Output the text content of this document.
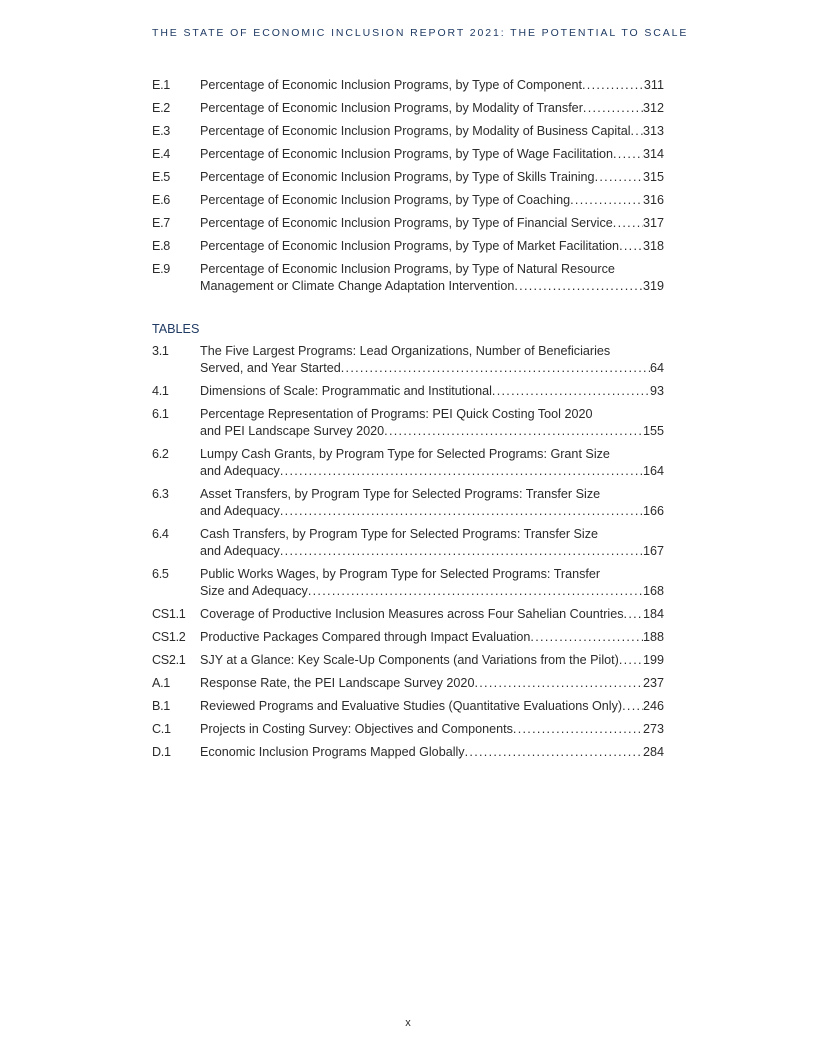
THE STATE OF ECONOMIC INCLUSION REPORT 2021: THE POTENTIAL TO SCALE
E.1	Percentage of Economic Inclusion Programs, by Type of Component . . .	311
E.2	Percentage of Economic Inclusion Programs, by Modality of Transfer . . .	312
E.3	Percentage of Economic Inclusion Programs, by Modality of Business Capital . . . 313
E.4	Percentage of Economic Inclusion Programs, by Type of Wage Facilitation . . . 314
E.5	Percentage of Economic Inclusion Programs, by Type of Skills Training . . .	315
E.6	Percentage of Economic Inclusion Programs, by Type of Coaching . . .	316
E.7	Percentage of Economic Inclusion Programs, by Type of Financial Service . . . 317
E.8	Percentage of Economic Inclusion Programs, by Type of Market Facilitation . . . 318
E.9	Percentage of Economic Inclusion Programs, by Type of Natural Resource
Management or Climate Change Adaptation Intervention . . .	319
TABLES
3.1	The Five Largest Programs: Lead Organizations, Number of Beneficiaries
Served, and Year Started . . .	64
4.1	Dimensions of Scale: Programmatic and Institutional . . .	93
6.1	Percentage Representation of Programs: PEI Quick Costing Tool 2020
and PEI Landscape Survey 2020 . . .	155
6.2	Lumpy Cash Grants, by Program Type for Selected Programs: Grant Size
and Adequacy . . .	164
6.3	Asset Transfers, by Program Type for Selected Programs: Transfer Size
and Adequacy . . .	166
6.4	Cash Transfers, by Program Type for Selected Programs: Transfer Size
and Adequacy . . .	167
6.5	Public Works Wages, by Program Type for Selected Programs: Transfer
Size and Adequacy . . .	168
CS1.1	Coverage of Productive Inclusion Measures across Four Sahelian Countries . . . 184
CS1.2	Productive Packages Compared through Impact Evaluation . . .	188
CS2.1	SJY at a Glance: Key Scale-Up Components (and Variations from the Pilot) . . . 199
A.1	Response Rate, the PEI Landscape Survey 2020 . . .	237
B.1	Reviewed Programs and Evaluative Studies (Quantitative Evaluations Only) . . . 246
C.1	Projects in Costing Survey: Objectives and Components . . .	273
D.1	Economic Inclusion Programs Mapped Globally . . .	284
x
